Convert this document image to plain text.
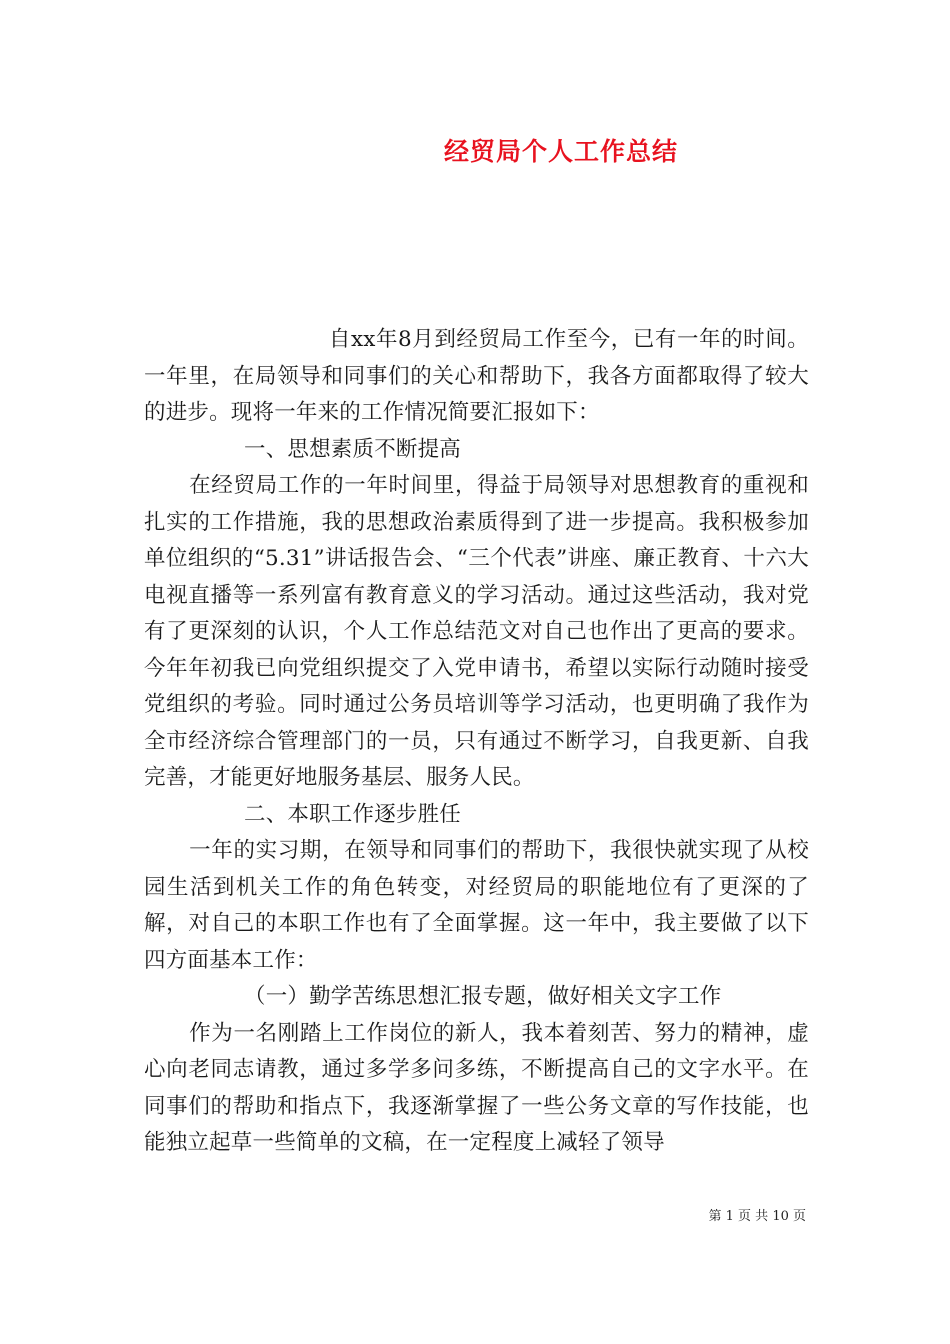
经贸局个人工作总结

自xx年8月到经贸局工作至今，已有一年的时间。一年里，在局领导和同事们的关心和帮助下，我各方面都取得了较大的进步。现将一年来的工作情况简要汇报如下：

一、思想素质不断提高

在经贸局工作的一年时间里，得益于局领导对思想教育的重视和扎实的工作措施，我的思想政治素质得到了进一步提高。我积极参加单位组织的“5.31”讲话报告会、“三个代表”讲座、廉正教育、十六大电视直播等一系列富有教育意义的学习活动。通过这些活动，我对党有了更深刻的认识，个人工作总结范文对自己也作出了更高的要求。今年年初我已向党组织提交了入党申请书，希望以实际行动随时接受党组织的考验。同时通过公务员培训等学习活动，也更明确了我作为全市经济综合管理部门的一员，只有通过不断学习，自我更新、自我完善，才能更好地服务基层、服务人民。

二、本职工作逐步胜任

一年的实习期，在领导和同事们的帮助下，我很快就实现了从校园生活到机关工作的角色转变，对经贸局的职能地位有了更深的了解，对自己的本职工作也有了全面掌握。这一年中，我主要做了以下四方面基本工作：

（一）勤学苦练思想汇报专题，做好相关文字工作

作为一名刚踏上工作岗位的新人，我本着刻苦、努力的精神，虚心向老同志请教，通过多学多问多练，不断提高自己的文字水平。在同事们的帮助和指点下，我逐渐掌握了一些公务文章的写作技能，也能独立起草一些简单的文稿，在一定程度上减轻了领导

第 1 页 共 10 页
